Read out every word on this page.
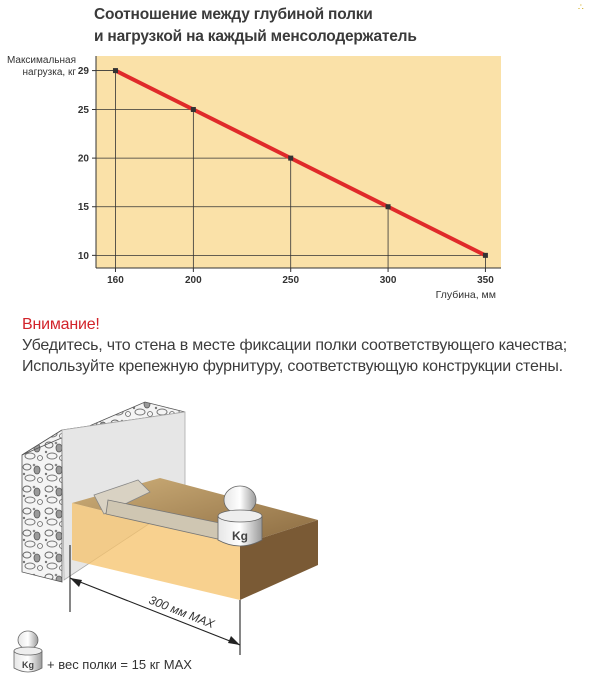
∴
Соотношение между глубиной полки
и нагрузкой на каждый менсолодержатель
Максимальная
нагрузка, кг
Глубина, мм
29
25
20
15
10
160	200	250	300	350
Внимание!
Убедитесь, что стена в месте фиксации полки соответствующего качества;
Используйте крепежную фурнитуру, соответствующую конструкции стены.
Kg
300 мм MAX
Kg + вес полки = 15 кг MAX
